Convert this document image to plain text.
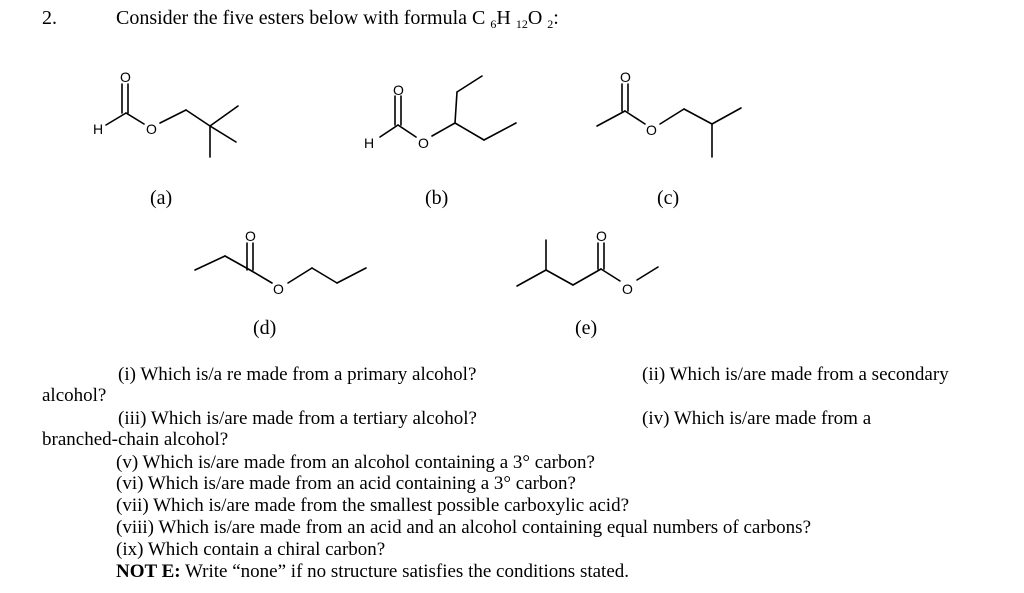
2.	Consider the five esters below with formula C $_6$H $_{12}$O $_2$:
O
H	O
O
H	O
O
O
O
O
O
O
(a)	(b)	(c)
(d)	(e)
(i) Which is/a re made from a primary alcohol?	(ii) Which is/are made from a secondary
alcohol?
(iii) Which is/are made from a tertiary alcohol?	(iv) Which is/are made from a
branched-chain alcohol?
(v) Which is/are made from an alcohol containing a 3° carbon?
(vi) Which is/are made from an acid containing a 3° carbon?
(vii) Which is/are made from the smallest possible carboxylic acid?
(viii) Which is/are made from an acid and an alcohol containing equal numbers of carbons?
(ix) Which contain a chiral carbon?
NOT E: Write “none” if no structure satisfies the conditions stated.
